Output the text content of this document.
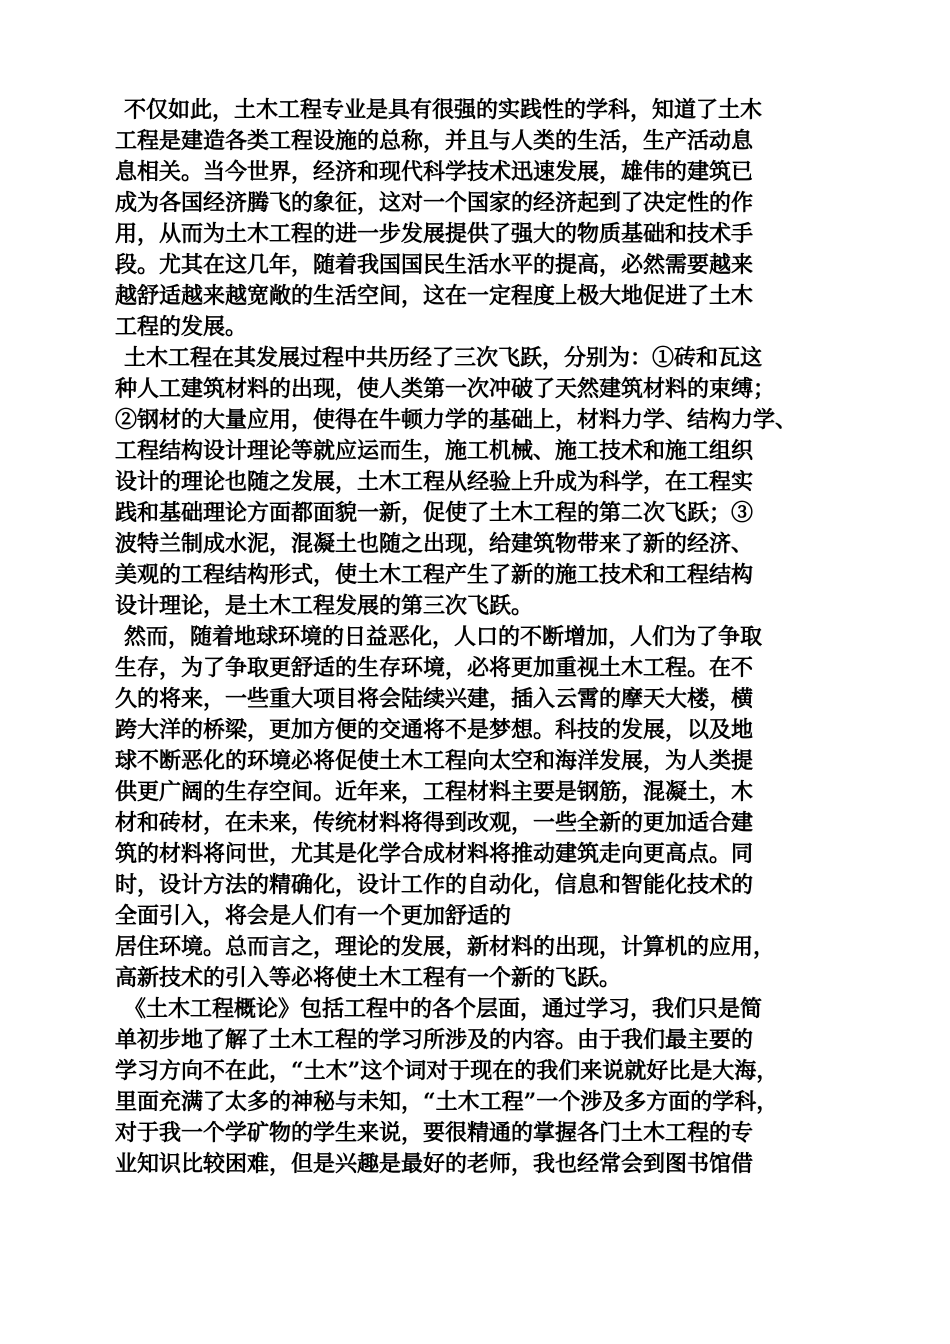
不仅如此，土木工程专业是具有很强的实践性的学科，知道了土木
工程是建造各类工程设施的总称，并且与人类的生活，生产活动息
息相关。当今世界，经济和现代科学技术迅速发展，雄伟的建筑已
成为各国经济腾飞的象征，这对一个国家的经济起到了决定性的作
用，从而为土木工程的进一步发展提供了强大的物质基础和技术手
段。尤其在这几年，随着我国国民生活水平的提高，必然需要越来
越舒适越来越宽敞的生活空间，这在一定程度上极大地促进了土木
工程的发展。
土木工程在其发展过程中共历经了三次飞跃，分别为：①砖和瓦这
种人工建筑材料的出现，使人类第一次冲破了天然建筑材料的束缚；
②钢材的大量应用，使得在牛顿力学的基础上，材料力学、结构力学、
工程结构设计理论等就应运而生，施工机械、施工技术和施工组织
设计的理论也随之发展，土木工程从经验上升成为科学，在工程实
践和基础理论方面都面貌一新，促使了土木工程的第二次飞跃；③
波特兰制成水泥，混凝土也随之出现，给建筑物带来了新的经济、
美观的工程结构形式，使土木工程产生了新的施工技术和工程结构
设计理论，是土木工程发展的第三次飞跃。
然而，随着地球环境的日益恶化，人口的不断增加，人们为了争取
生存，为了争取更舒适的生存环境，必将更加重视土木工程。在不
久的将来，一些重大项目将会陆续兴建，插入云霄的摩天大楼，横
跨大洋的桥梁，更加方便的交通将不是梦想。科技的发展，以及地
球不断恶化的环境必将促使土木工程向太空和海洋发展，为人类提
供更广阔的生存空间。近年来，工程材料主要是钢筋，混凝土，木
材和砖材，在未来，传统材料将得到改观，一些全新的更加适合建
筑的材料将问世，尤其是化学合成材料将推动建筑走向更高点。同
时，设计方法的精确化，设计工作的自动化，信息和智能化技术的
全面引入，将会是人们有一个更加舒适的
居住环境。总而言之，理论的发展，新材料的出现，计算机的应用，
高新技术的引入等必将使土木工程有一个新的飞跃。
《土木工程概论》包括工程中的各个层面，通过学习，我们只是简
单初步地了解了土木工程的学习所涉及的内容。由于我们最主要的
学习方向不在此，“土木”这个词对于现在的我们来说就好比是大海，
里面充满了太多的神秘与未知，“土木工程”一个涉及多方面的学科，
对于我一个学矿物的学生来说，要很精通的掌握各门土木工程的专
业知识比较困难，但是兴趣是最好的老师，我也经常会到图书馆借
